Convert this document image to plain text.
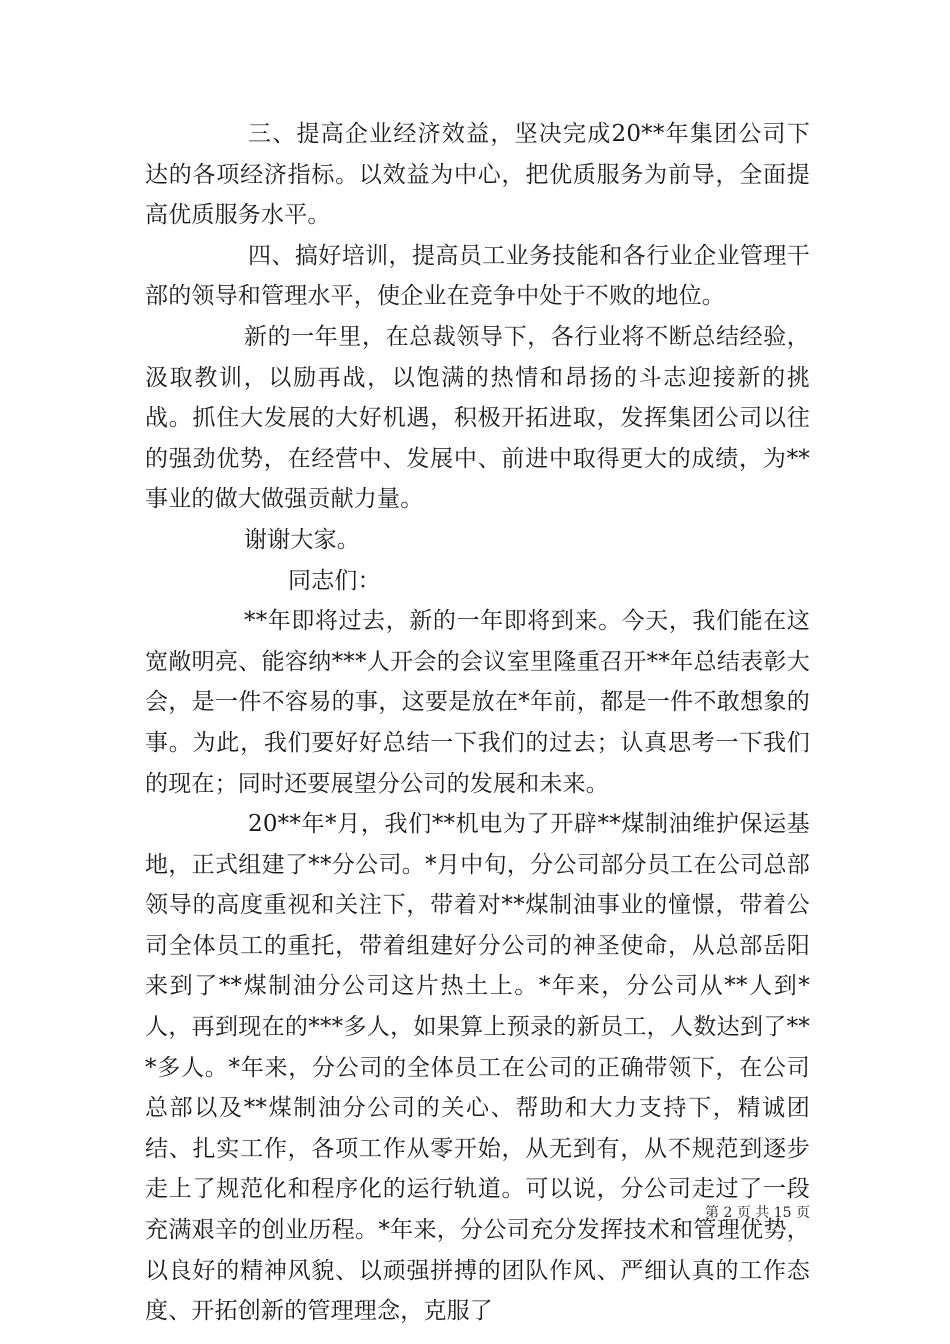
三、提高企业经济效益，坚决完成20**年集团公司下达的各项经济指标。以效益为中心，把优质服务为前导，全面提高优质服务水平。

四、搞好培训，提高员工业务技能和各行业企业管理干部的领导和管理水平，使企业在竞争中处于不败的地位。

新的一年里，在总裁领导下，各行业将不断总结经验，汲取教训，以励再战，以饱满的热情和昂扬的斗志迎接新的挑战。抓住大发展的大好机遇，积极开拓进取，发挥集团公司以往的强劲优势，在经营中、发展中、前进中取得更大的成绩，为**事业的做大做强贡献力量。

谢谢大家。

同志们：

**年即将过去，新的一年即将到来。今天，我们能在这宽敞明亮、能容纳***人开会的会议室里隆重召开**年总结表彰大会，是一件不容易的事，这要是放在*年前，都是一件不敢想象的事。为此，我们要好好总结一下我们的过去；认真思考一下我们的现在；同时还要展望分公司的发展和未来。

20**年*月，我们**机电为了开辟**煤制油维护保运基地，正式组建了**分公司。*月中旬，分公司部分员工在公司总部领导的高度重视和关注下，带着对**煤制油事业的憧憬，带着公司全体员工的重托，带着组建好分公司的神圣使命，从总部岳阳来到了**煤制油分公司这片热土上。*年来，分公司从**人到*人，再到现在的***多人，如果算上预录的新员工，人数达到了***多人。*年来，分公司的全体员工在公司的正确带领下，在公司总部以及**煤制油分公司的关心、帮助和大力支持下，精诚团结、扎实工作，各项工作从零开始，从无到有，从不规范到逐步走上了规范化和程序化的运行轨道。可以说，分公司走过了一段充满艰辛的创业历程。*年来，分公司充分发挥技术和管理优势，以良好的精神风貌、以顽强拼搏的团队作风、严细认真的工作态度、开拓创新的管理理念，克服了

第 2 页 共 15 页
